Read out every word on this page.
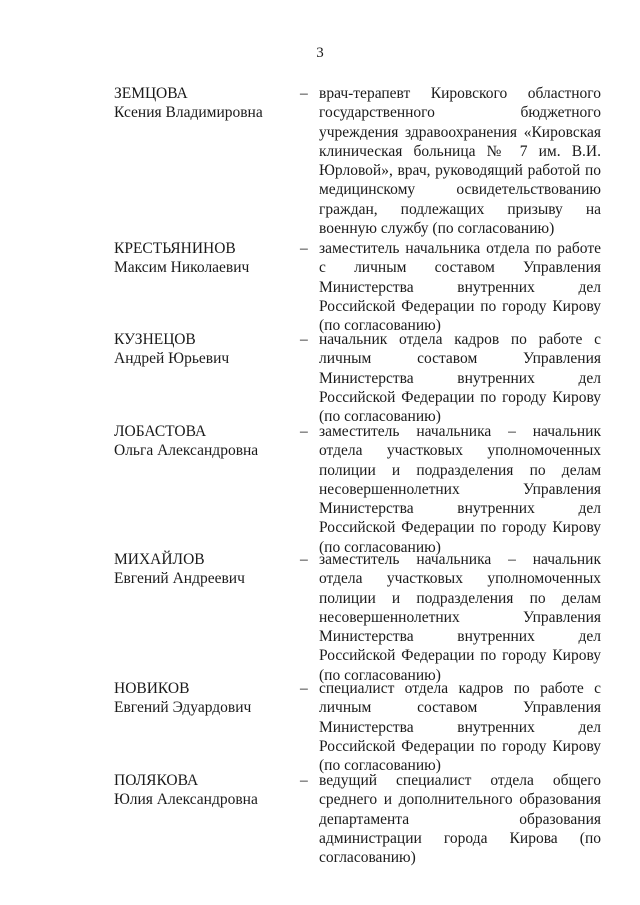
3
ЗЕМЦОВА
Ксения Владимировна
– врач-терапевт Кировского областного государственного бюджетного учреждения здравоохранения «Кировская клиническая больница № 7 им. В.И. Юрловой», врач, руководящий работой по медицинскому освидетельствованию граждан, подлежащих призыву на военную службу (по согласованию)
КРЕСТЬЯНИНОВ
Максим Николаевич
– заместитель начальника отдела по работе с личным составом Управления Министерства внутренних дел Российской Федерации по городу Кирову (по согласованию)
КУЗНЕЦОВ
Андрей Юрьевич
– начальник отдела кадров по работе с личным составом Управления Министерства внутренних дел Российской Федерации по городу Кирову (по согласованию)
ЛОБАСТОВА
Ольга Александровна
– заместитель начальника – начальник отдела участковых уполномоченных полиции и подразделения по делам несовершеннолетних Управления Министерства внутренних дел Российской Федерации по городу Кирову (по согласованию)
МИХАЙЛОВ
Евгений Андреевич
– заместитель начальника – начальник отдела участковых уполномоченных полиции и подразделения по делам несовершеннолетних Управления Министерства внутренних дел Российской Федерации по городу Кирову (по согласованию)
НОВИКОВ
Евгений Эдуардович
– специалист отдела кадров по работе с личным составом Управления Министерства внутренних дел Российской Федерации по городу Кирову (по согласованию)
ПОЛЯКОВА
Юлия Александровна
– ведущий специалист отдела общего среднего и дополнительного образования департамента образования администрации города Кирова (по согласованию)
